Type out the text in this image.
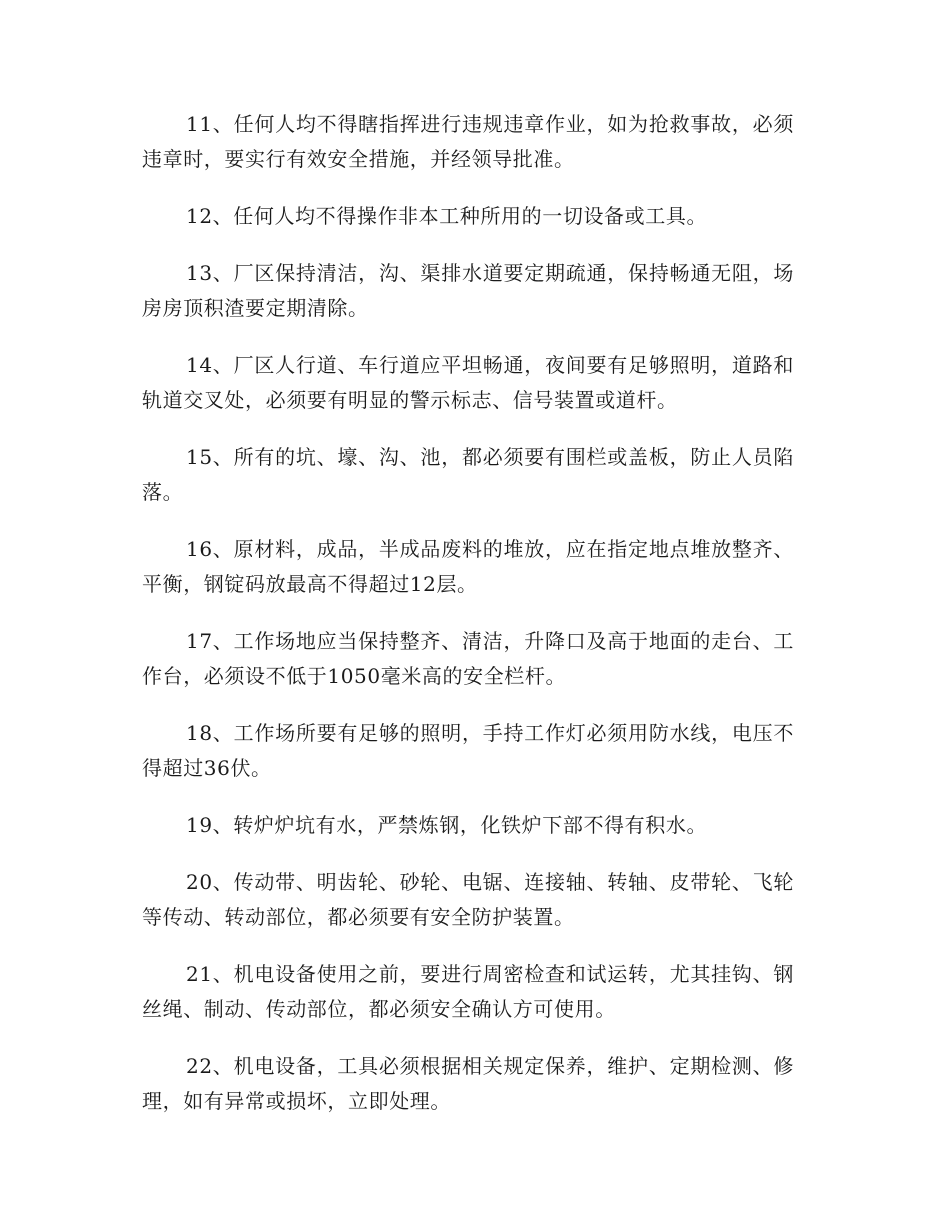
11、任何人均不得瞎指挥进行违规违章作业，如为抢救事故，必须违章时，要实行有效安全措施，并经领导批准。

12、任何人均不得操作非本工种所用的一切设备或工具。

13、厂区保持清洁，沟、渠排水道要定期疏通，保持畅通无阻，场房房顶积渣要定期清除。

14、厂区人行道、车行道应平坦畅通，夜间要有足够照明，道路和轨道交叉处，必须要有明显的警示标志、信号装置或道杆。

15、所有的坑、壕、沟、池，都必须要有围栏或盖板，防止人员陷落。

16、原材料，成品，半成品废料的堆放，应在指定地点堆放整齐、平衡，钢锭码放最高不得超过12层。

17、工作场地应当保持整齐、清洁，升降口及高于地面的走台、工作台，必须设不低于1050毫米高的安全栏杆。

18、工作场所要有足够的照明，手持工作灯必须用防水线，电压不得超过36伏。

19、转炉炉坑有水，严禁炼钢，化铁炉下部不得有积水。

20、传动带、明齿轮、砂轮、电锯、连接轴、转轴、皮带轮、飞轮等传动、转动部位，都必须要有安全防护装置。

21、机电设备使用之前，要进行周密检查和试运转，尤其挂钩、钢丝绳、制动、传动部位，都必须安全确认方可使用。

22、机电设备，工具必须根据相关规定保养，维护、定期检测、修理，如有异常或损坏，立即处理。
